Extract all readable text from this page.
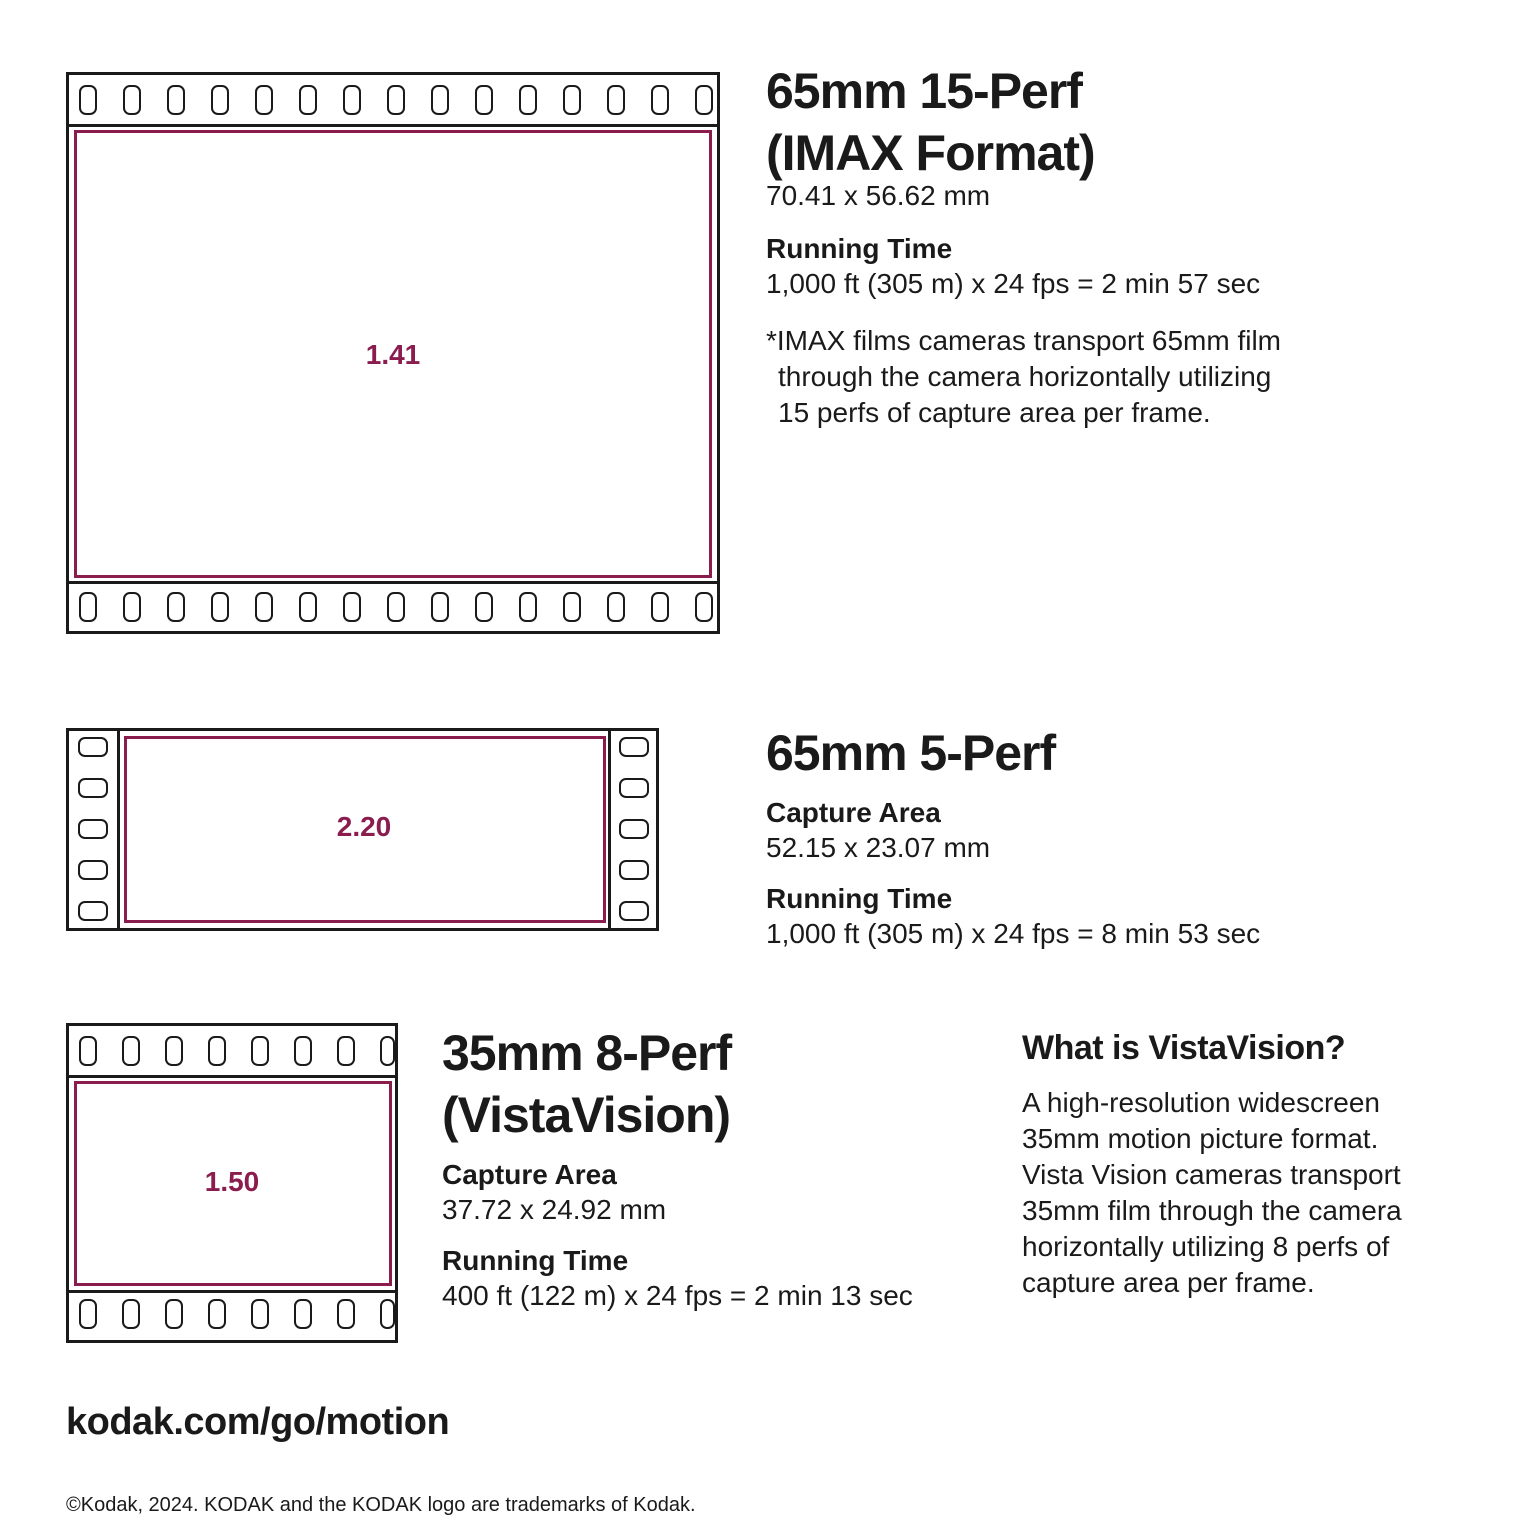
1.41
65mm 15-Perf
(IMAX Format)

70.41 x 56.62 mm

Running Time

1,000 ft (305 m) x 24 fps = 2 min 57 sec

*IMAX films cameras transport 65mm film

through the camera horizontally utilizing

15 perfs of capture area per frame.

2.20
65mm 5-Perf

Capture Area

52.15 x 23.07 mm

Running Time

1,000 ft (305 m) x 24 fps = 8 min 53 sec

1.50
35mm 8-Perf
(VistaVision)

Capture Area

37.72 x 24.92 mm

Running Time

400 ft (122 m) x 24 fps = 2 min 13 sec

What is VistaVision?

A high-resolution widescreen

35mm motion picture format.

Vista Vision cameras transport

35mm film through the camera

horizontally utilizing 8 perfs of

capture area per frame.

kodak.com/go/motion
©Kodak, 2024. KODAK and the KODAK logo are trademarks of Kodak.
